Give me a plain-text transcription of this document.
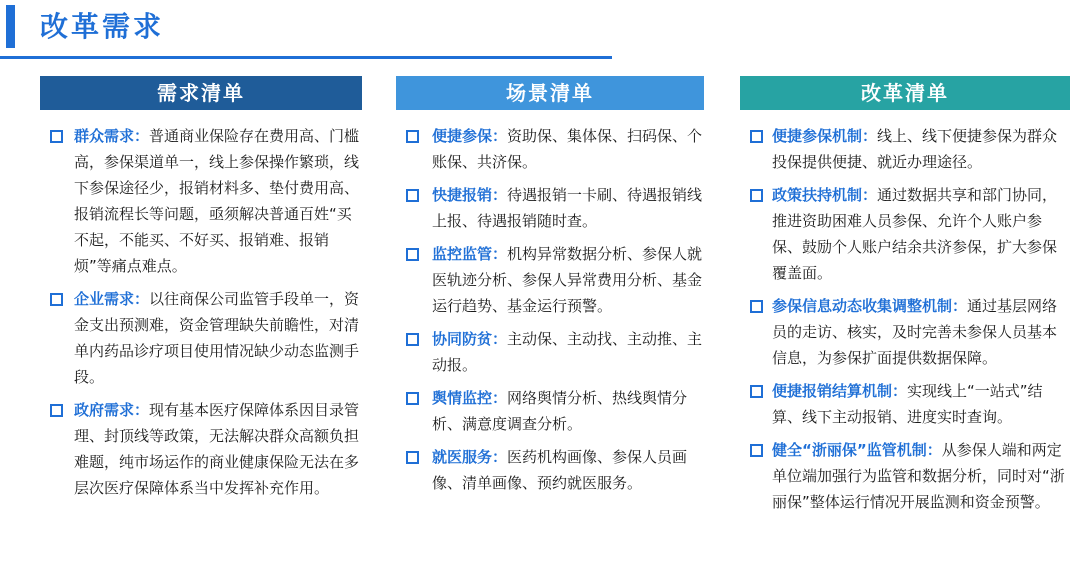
改革需求
需求清单
群众需求：普通商业保险存在费用高、门槛高，参保渠道单一，线上参保操作繁琐，线下参保途径少，报销材料多、垫付费用高、报销流程长等问题，亟须解决普通百姓“买不起，不能买、不好买、报销难、报销烦”等痛点难点。
企业需求：以往商保公司监管手段单一，资金支出预测难，资金管理缺失前瞻性，对清单内药品诊疗项目使用情况缺少动态监测手段。
政府需求：现有基本医疗保障体系因目录管理、封顶线等政策，无法解决群众高额负担难题，纯市场运作的商业健康保险无法在多层次医疗保障体系当中发挥补充作用。
场景清单
便捷参保：资助保、集体保、扫码保、个账保、共济保。
快捷报销：待遇报销一卡刷、待遇报销线上报、待遇报销随时查。
监控监管：机构异常数据分析、参保人就医轨迹分析、参保人异常费用分析、基金运行趋势、基金运行预警。
协同防贫：主动保、主动找、主动推、主动报。
舆情监控：网络舆情分析、热线舆情分析、满意度调查分析。
就医服务：医药机构画像、参保人员画像、清单画像、预约就医服务。
改革清单
便捷参保机制：线上、线下便捷参保为群众投保提供便捷、就近办理途径。
政策扶持机制：通过数据共享和部门协同，推进资助困难人员参保、允许个人账户参保、鼓励个人账户结余共济参保，扩大参保覆盖面。
参保信息动态收集调整机制：通过基层网络员的走访、核实，及时完善未参保人员基本信息，为参保扩面提供数据保障。
便捷报销结算机制：实现线上“一站式”结算、线下主动报销、进度实时查询。
健全“浙丽保”监管机制：从参保人端和两定单位端加强行为监管和数据分析，同时对“浙丽保”整体运行情况开展监测和资金预警。
